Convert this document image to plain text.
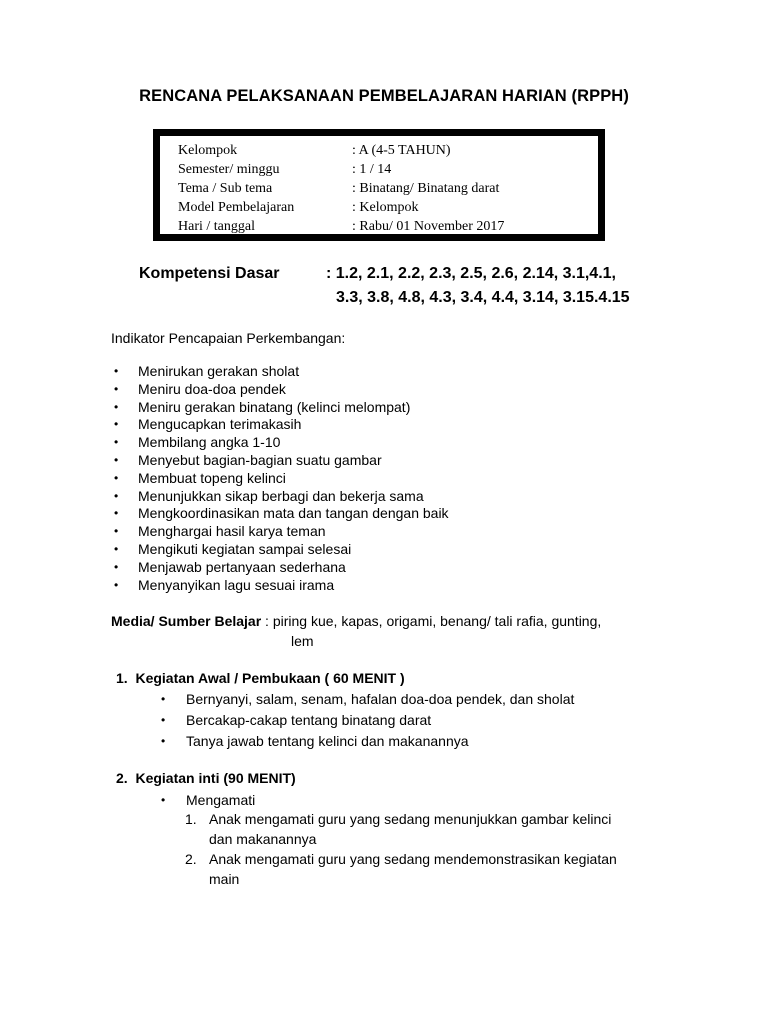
RENCANA PELAKSANAAN PEMBELAJARAN HARIAN (RPPH)
Kelompok	: A (4-5 TAHUN)
Semester/ minggu	: 1 / 14
Tema / Sub tema	: Binatang/ Binatang darat
Model Pembelajaran	: Kelompok
Hari / tanggal	: Rabu/ 01 November 2017
Kompetensi Dasar	: 1.2, 2.1, 2.2, 2.3, 2.5, 2.6, 2.14, 3.1,4.1,
3.3, 3.8, 4.8, 4.3, 3.4, 4.4, 3.14, 3.15.4.15
Indikator Pencapaian Perkembangan:
• Menirukan gerakan sholat
• Meniru doa-doa pendek
• Meniru gerakan binatang (kelinci melompat)
• Mengucapkan terimakasih
• Membilang angka 1-10
• Menyebut bagian-bagian suatu gambar
• Membuat topeng kelinci
• Menunjukkan sikap berbagi dan bekerja sama
• Mengkoordinasikan mata dan tangan dengan baik
• Menghargai hasil karya teman
• Mengikuti kegiatan sampai selesai
• Menjawab pertanyaan sederhana
• Menyanyikan lagu sesuai irama
Media/ Sumber Belajar : piring kue, kapas, origami, benang/ tali rafia, gunting,
lem
1. Kegiatan Awal / Pembukaan ( 60 MENIT )
• Bernyanyi, salam, senam, hafalan doa-doa pendek, dan sholat
• Bercakap-cakap tentang binatang darat
• Tanya jawab tentang kelinci dan makanannya
2. Kegiatan inti (90 MENIT)
• Mengamati
1. Anak mengamati guru yang sedang menunjukkan gambar kelinci
dan makanannya
2. Anak mengamati guru yang sedang mendemonstrasikan kegiatan
main
